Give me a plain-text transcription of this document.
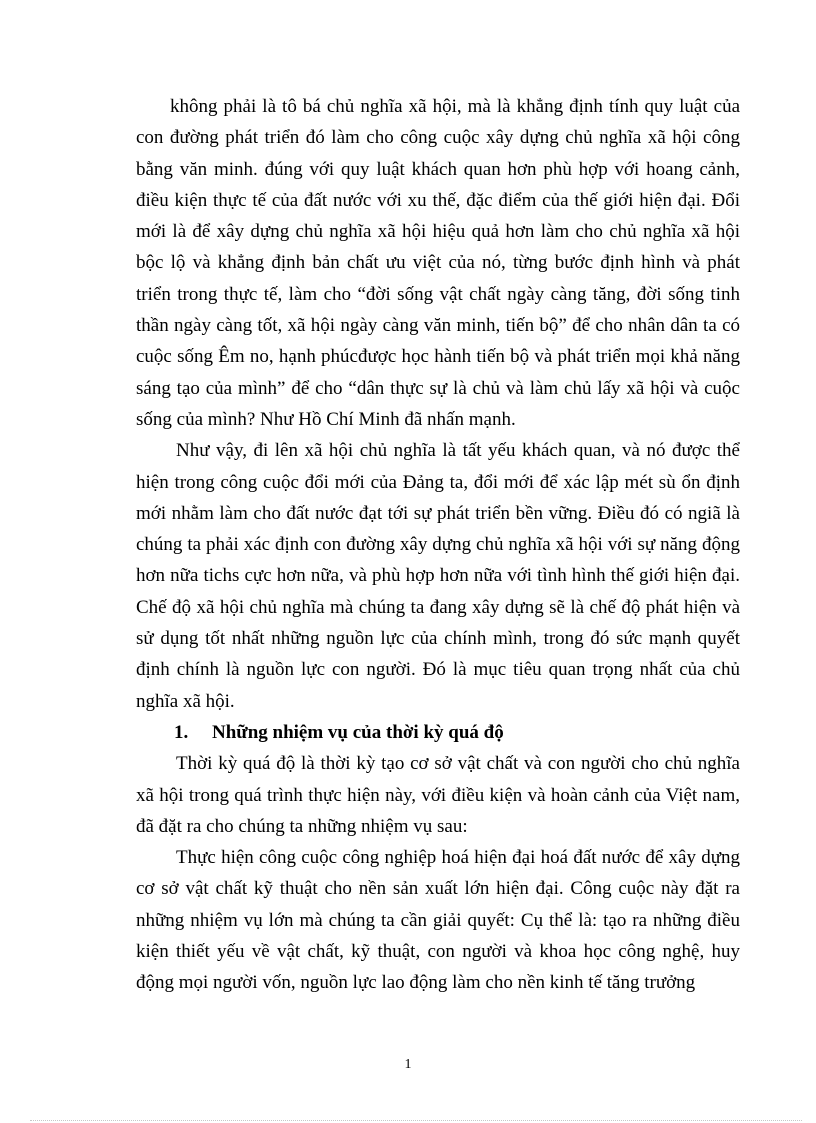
không phải là tô bá chủ nghĩa xã hội, mà là khẳng định tính quy luật của con đường phát triển đó làm cho công cuộc xây dựng chủ nghĩa xã hội công bằng văn minh. đúng với quy luật khách quan hơn phù hợp với hoang cảnh, điều kiện thực tế của đất nước với xu thế, đặc điểm của thế giới hiện đại. Đổi mới là để xây dựng chủ nghĩa xã hội hiệu quả hơn làm cho chủ nghĩa xã hội bộc lộ và khẳng định bản chất ưu việt của nó, từng bước định hình và phát triển trong thực tế, làm cho “đời sống vật chất ngày càng tăng, đời sống tinh thần ngày càng tốt, xã hội ngày càng văn minh, tiến bộ” để cho nhân dân ta có cuộc sống Êm no, hạnh phúcđược học hành tiến bộ và phát triển mọi khả năng sáng tạo của mình” để cho “dân thực sự là chủ và làm chủ lấy xã hội và cuộc sống của mình? Như Hồ Chí Minh đã nhấn mạnh.

Như vậy, đi lên xã hội chủ nghĩa là tất yếu khách quan, và nó được thể hiện trong công cuộc đổi mới của Đảng ta, đổi mới để xác lập mét sù ổn định mới nhằm làm cho đất nước đạt tới sự phát triển bền vững. Điều đó có ngiã là chúng ta phải xác định con đường xây dựng chủ nghĩa xã hội với sự năng động hơn nữa tichs cực hơn nữa, và phù hợp hơn nữa với tình hình thế giới hiện đại. Chế độ xã hội chủ nghĩa mà chúng ta đang xây dựng sẽ là chế độ phát hiện và sử dụng tốt nhất những nguồn lực của chính mình, trong đó sức mạnh quyết định chính là nguồn lực con người. Đó là mục tiêu quan trọng nhất của chủ nghĩa xã hội.

1. Những nhiệm vụ của thời kỳ quá độ

Thời kỳ quá độ là thời kỳ tạo cơ sở vật chất và con người cho chủ nghĩa xã hội trong quá trình thực hiện này, với điều kiện và hoàn cảnh của Việt nam, đã đặt ra cho chúng ta những nhiệm vụ sau:

Thực hiện công cuộc công nghiệp hoá hiện đại hoá đất nước để xây dựng cơ sở vật chất kỹ thuật cho nền sản xuất lớn hiện đại. Công cuộc này đặt ra những nhiệm vụ lớn mà chúng ta cần giải quyết: Cụ thể là: tạo ra những điều kiện thiết yếu về vật chất, kỹ thuật, con người và khoa học công nghệ, huy động mọi người vốn, nguồn lực lao động làm cho nền kinh tế tăng trưởng

1
